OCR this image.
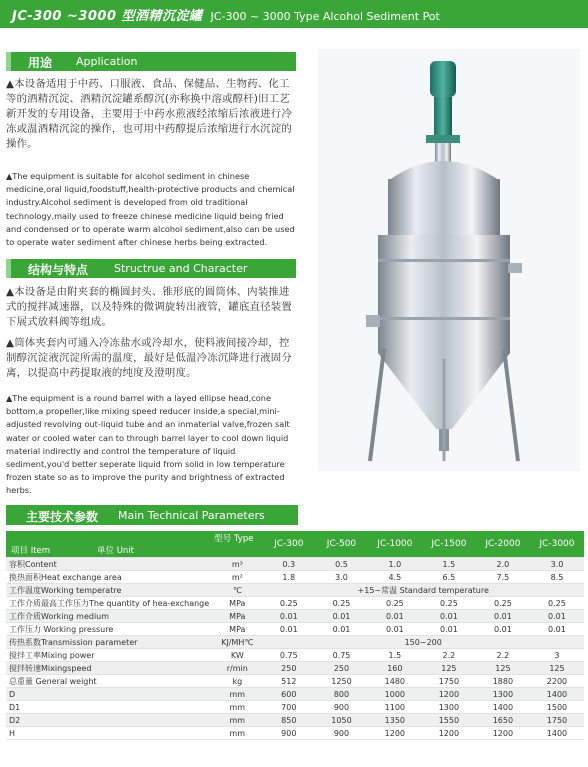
JC-300 ~3000 型酒精沉淀罐 JC-300 ~ 3000 Type Alcohol Sediment Pot
用途 Application
▲本设备适用于中药、口服液、食品、保健品、生物药、化工等的酒精沉淀、酒精沉淀罐系醇沉(亦称换中溶或醇杆)旧工艺新开发的专用设备，主要用于中药水煎液经浓缩后浓液进行冷冻或温酒精沉淀的操作，也可用中药醇提后浓缩进行水沉淀的操作。
▲The equipment is suitable for alcohol sediment in chinese medicine,oral liquid,foodstuff,health-protective products and chemical industry.Alcohol sediment is developed from old traditional technology,maily used to freeze chinese medicine liquid being fried and condensed or to operate warm alcohol sediment,also can be used to operate water sediment after chinese herbs being extracted.
结构与特点 Structrue and Character
▲本设备是由附夹套的椭圆封头、锥形底的圆筒体、内装推进式的搅拌减速器，以及特殊的微调旋转出液管，罐底直径装置下展式放料阀等组成。
▲筒体夹套内可通入冷冻盐水或冷却水，使料液间接冷却，控制醇沉淀液沉淀所需的温度，最好是低温冷冻沉降进行液固分离，以提高中药提取液的纯度及澄明度。
▲The equipment is a round barrel with a layed ellipse head,cone bottom,a propeller,like mixing speed reducer inside,a special,mini-adjusted revolving out-liquid tube and an inmaterial valve,frozen salt water or cooled water can to through barrel layer to cool down liquid material indirectly and control the temperature of liquid sediment,you'd better seperate liquid from solid in low temperature frozen state so as to improve the purity and brightness of extracted herbs.
主要技术参数 Main Technical Parameters
型号 Type
项目 Item 单位 Unit		JC-300	JC-500	JC-1000	JC-1500	JC-2000	JC-3000
容积Content	m³	0.3	0.5	1.0	1.5	2.0	3.0
换热面积Heat exchange area	m²	1.8	3.0	4.5	6.5	7.5	8.5
工作温度Working temperatre	℃	+15~常温 Standard temperature					
工作介质最高工作压力The quantity of hea-exchange	MPa	0.25	0.25	0.25	0.25	0.25	0.25
工作介质Working medium	MPa	0.01	0.01	0.01	0.01	0.01	0.01
工作压力 Working pressure	MPa	0.01	0.01	0.01	0.01	0.01	0.01
传热系数Transmission parameter	KJ/MH℃	150~200					
搅拌工率Mixing power	KW	0.75	0.75	1.5	2.2	2.2	3
搅拌转速Mixingspeed	r/min	250	250	160	125	125	125
总重量 General weight	kg	512	1250	1480	1750	1880	2200
D	mm	600	800	1000	1200	1300	1400
D1	mm	700	900	1100	1300	1400	1500
D2	mm	850	1050	1350	1550	1650	1750
H	mm	900	900	1200	1200	1200	1400
